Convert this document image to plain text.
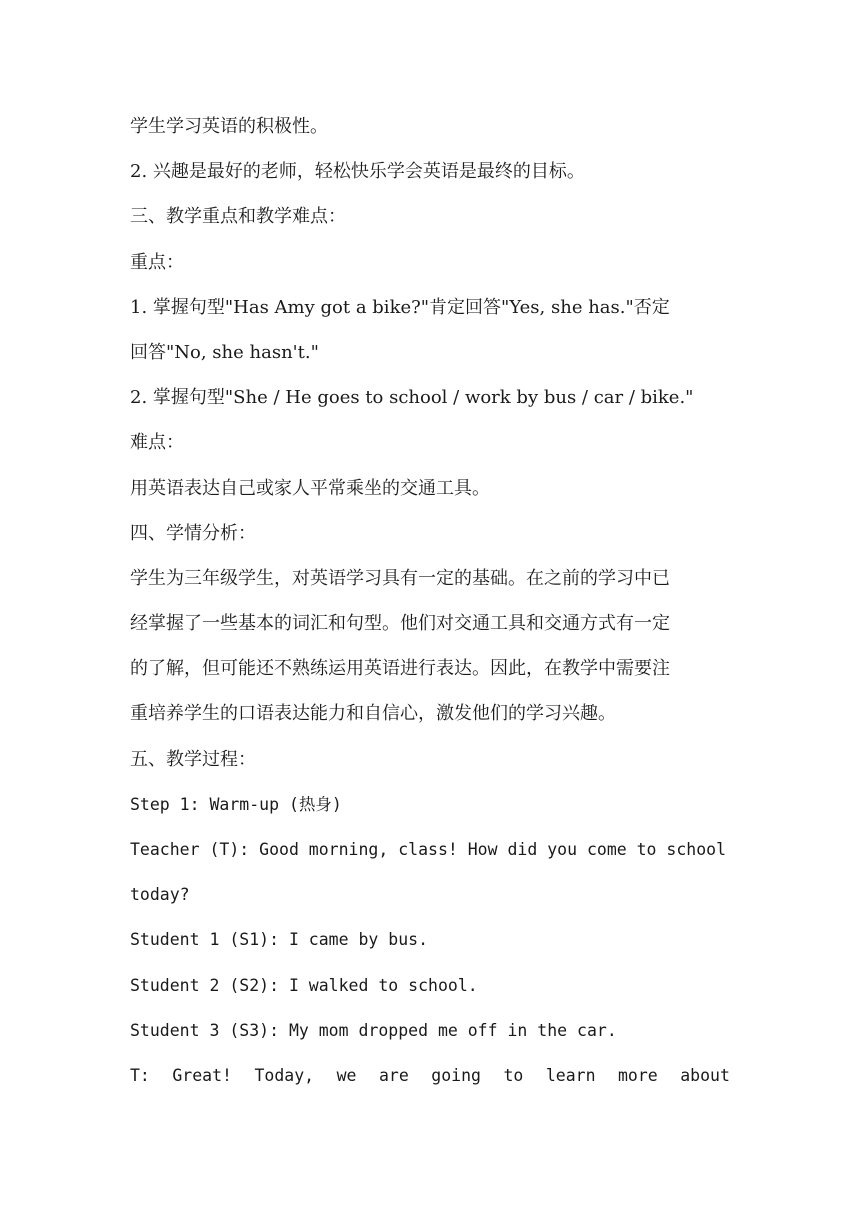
学生学习英语的积极性。
2. 兴趣是最好的老师，轻松快乐学会英语是最终的目标。
三、教学重点和教学难点：
重点：
1. 掌握句型"Has Amy got a bike?"肯定回答"Yes, she has."否定
回答"No, she hasn't."
2. 掌握句型"She / He goes to school / work by bus / car / bike."
难点：
用英语表达自己或家人平常乘坐的交通工具。
四、学情分析：
学生为三年级学生，对英语学习具有一定的基础。在之前的学习中已
经掌握了一些基本的词汇和句型。他们对交通工具和交通方式有一定
的了解，但可能还不熟练运用英语进行表达。因此，在教学中需要注
重培养学生的口语表达能力和自信心，激发他们的学习兴趣。
五、教学过程：
Step 1: Warm-up (热身)
Teacher (T): Good morning, class! How did you come to school
today?
Student 1 (S1): I came by bus.
Student 2 (S2): I walked to school.
Student 3 (S3): My mom dropped me off in the car.
T: Great! Today, we are going to learn more about
